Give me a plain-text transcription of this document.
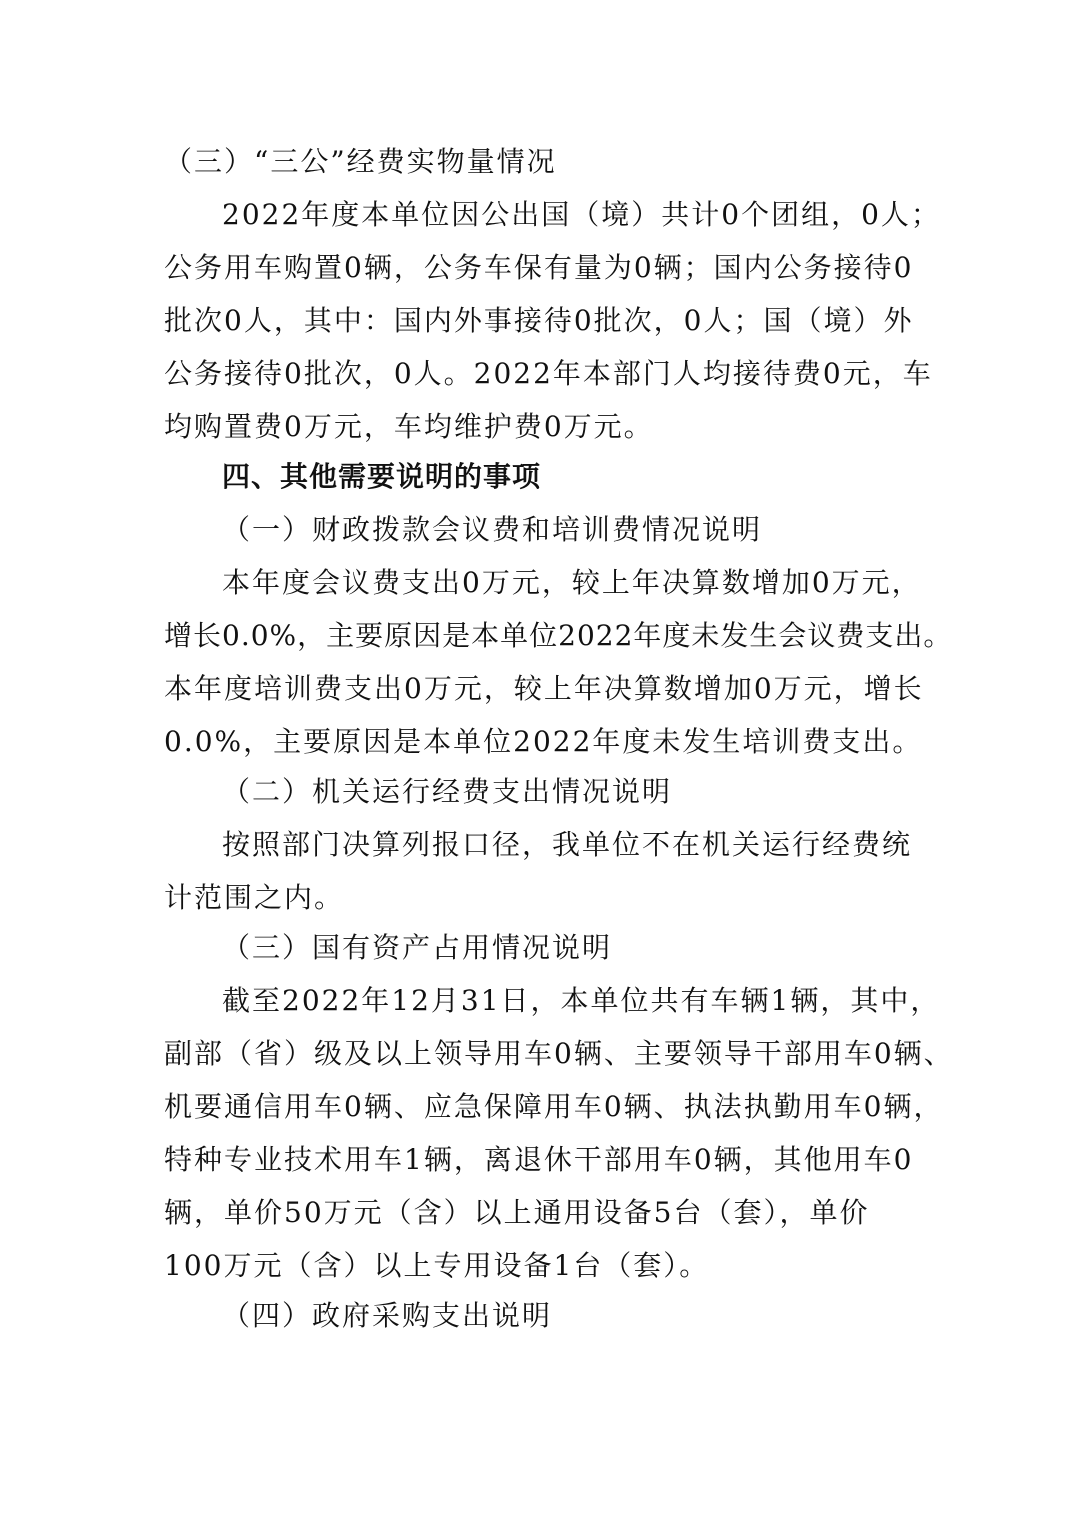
（三）“三公”经费实物量情况
2022年度本单位因公出国（境）共计0个团组，0人；
公务用车购置0辆，公务车保有量为0辆；国内公务接待0
批次0人，其中：国内外事接待0批次，0人；国（境）外
公务接待0批次，0人。2022年本部门人均接待费0元，车
均购置费0万元，车均维护费0万元。
四、其他需要说明的事项
（一）财政拨款会议费和培训费情况说明
本年度会议费支出0万元，较上年决算数增加0万元，
增长0.0%，主要原因是本单位2022年度未发生会议费支出。
本年度培训费支出0万元，较上年决算数增加0万元，增长
0.0%，主要原因是本单位2022年度未发生培训费支出。
（二）机关运行经费支出情况说明
按照部门决算列报口径，我单位不在机关运行经费统
计范围之内。
（三）国有资产占用情况说明
截至2022年12月31日，本单位共有车辆1辆，其中，
副部（省）级及以上领导用车0辆、主要领导干部用车0辆、
机要通信用车0辆、应急保障用车0辆、执法执勤用车0辆，
特种专业技术用车1辆，离退休干部用车0辆，其他用车0
辆，单价50万元（含）以上通用设备5台（套），单价
100万元（含）以上专用设备1台（套）。
（四）政府采购支出说明
